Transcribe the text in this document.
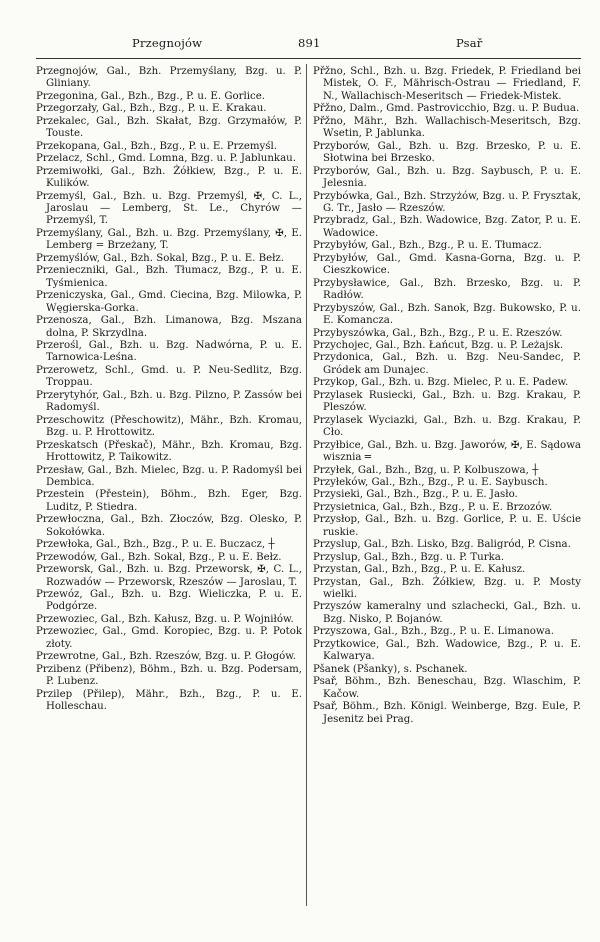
Przegnojów	891	Psař

Przegnojów, Gal., Bzh. Przemyślany, Bzg. u. P. Gliniany.

Przegonina, Gal., Bzh., Bzg., P. u. E. Gorlice.

Przegorzały, Gal., Bzh., Bzg., P. u. E. Krakau.

Przekalec, Gal., Bzh. Skałat, Bzg. Grzymałów, P. Touste.

Przekopana, Gal., Bzh., Bzg., P. u. E. Przemyśl.

Przelacz, Schl., Gmd. Lomna, Bzg. u. P. Jablunkau.

Przemiwołki, Gal., Bzh. Żółkiew, Bzg., P. u. E. Kulików.

Przemyśl, Gal., Bzh. u. Bzg. Przemyśl, ✠, C. L., Jaroslau — Lemberg, St. Le., Chyrów — Przemyśl, T.

Przemyślany, Gal., Bzh. u. Bzg. Przemyślany, ✠, E. Lemberg = Brzeżany, T.

Przemyślów, Gal., Bzh. Sokal, Bzg., P. u. E. Bełz.

Przenieczniki, Gal., Bzh. Tłumacz, Bzg., P. u. E. Tyśmienica.

Przeniczyska, Gal., Gmd. Ciecina, Bzg. Milowka, P. Węgierska-Gorka.

Przenosza, Gal., Bzh. Limanowa, Bzg. Mszana dolna, P. Skrzydlna.

Przerośl, Gal., Bzh. u. Bzg. Nadwórna, P. u. E. Tarnowica-Leśna.

Przerowetz, Schl., Gmd. u. P. Neu-Sedlitz, Bzg. Troppau.

Przerytyhór, Gal., Bzh. u. Bzg. Pilzno, P. Zassów bei Radomyśl.

Przeschowitz (Přeschowitz), Mähr., Bzh. Kromau, Bzg. u. P. Hrottowitz.

Przeskatsch (Přeskač), Mähr., Bzh. Kromau, Bzg. Hrottowitz, P. Taikowitz.

Przesław, Gal., Bzh. Mielec, Bzg. u. P. Radomyśl bei Dembica.

Przestein (Přestein), Böhm., Bzh. Eger, Bzg. Luditz, P. Stiedra.

Przewłoczna, Gal., Bzh. Złoczów, Bzg. Olesko, P. Sokołówka.

Przewłoka, Gal., Bzh., Bzg., P. u. E. Buczacz, ┼

Przewodów, Gal., Bzh. Sokal, Bzg., P. u. E. Bełz.

Przeworsk, Gal., Bzh. u. Bzg. Przeworsk, ✠, C. L., Rozwadów — Przeworsk, Rzeszów — Jaroslau, T.

Przewóz, Gal., Bzh. u. Bzg. Wieliczka, P. u. E. Podgórze.

Przewoziec, Gal., Bzh. Kałusz, Bzg. u. P. Wojniłów.

Przewoziec, Gal., Gmd. Koropiec, Bzg. u. P. Potok złoty.

Przewrotne, Gal., Bzh. Rzeszów, Bzg. u. P. Głogów.

Przibenz (Přibenz), Böhm., Bzh. u. Bzg. Podersam, P. Lubenz.

Przilep (Přilep), Mähr., Bzh., Bzg., P. u. E. Holleschau.

Přžno, Schl., Bzh. u. Bzg. Friedek, P. Friedland bei Mistek, O. F., Mährisch-Ostrau — Friedland, F. N., Wallachisch-Meseritsch — Friedek-Mistek.

Přžno, Dalm., Gmd. Pastrovicchio, Bzg. u. P. Budua.

Přžno, Mähr., Bzh. Wallachisch-Meseritsch, Bzg. Wsetin, P. Jablunka.

Przyborów, Gal., Bzh. u. Bzg. Brzesko, P. u. E. Słotwina bei Brzesko.

Przyborów, Gal., Bzh. u. Bzg. Saybusch, P. u. E. Jelesnia.

Przybówka, Gal., Bzh. Strzyżów, Bzg. u. P. Frysztak, G. Tr., Jasło — Rzeszów.

Przybradz, Gal., Bzh. Wadowice, Bzg. Zator, P. u. E. Wadowice.

Przybyłów, Gal., Bzh., Bzg., P. u. E. Tłumacz.

Przybyłów, Gal., Gmd. Kasna-Gorna, Bzg. u. P. Cieszkowice.

Przybysławice, Gal., Bzh. Brzesko, Bzg. u. P. Radłów.

Przybyszów, Gal., Bzh. Sanok, Bzg. Bukowsko, P. u. E. Komancza.

Przybyszówka, Gal., Bzh., Bzg., P. u. E. Rzeszów.

Przychojec, Gal., Bzh. Łańcut, Bzg. u. P. Leżajsk.

Przydonica, Gal., Bzh. u. Bzg. Neu-Sandec, P. Gródek am Dunajec.

Przykop, Gal., Bzh. u. Bzg. Mielec, P. u. E. Padew.

Przylasek Rusiecki, Gal., Bzh. u. Bzg. Krakau, P. Pleszów.

Przylasek Wyciazki, Gal., Bzh. u. Bzg. Krakau, P. Cło.

Przyłbice, Gal., Bzh. u. Bzg. Jaworów, ✠, E. Sądowa wisznia ═

Przyłek, Gal., Bzh., Bzg, u. P. Kolbuszowa, ┼

Przyłeków, Gal., Bzh., Bzg., P. u. E. Saybusch.

Przysieki, Gal., Bzh., Bzg., P. u. E. Jasło.

Przysietnica, Gal., Bzh., Bzg., P. u. E. Brzozów.

Przysłop, Gal., Bzh. u. Bzg. Gorlice, P. u. E. Uście ruskie.

Przyslup, Gal., Bzh. Lisko, Bzg. Baligród, P. Cisna.

Przyslup, Gal., Bzh., Bzg. u. P. Turka.

Przystan, Gal., Bzh., Bzg., P. u. E. Kałusz.

Przystan, Gal., Bzh. Żółkiew, Bzg. u. P. Mosty wielki.

Przyszów kameralny und szlachecki, Gal., Bzh. u. Bzg. Nisko, P. Bojanów.

Przyszowa, Gal., Bzh., Bzg., P. u. E. Limanowa.

Przytkowice, Gal., Bzh. Wadowice, Bzg., P. u. E. Kalwarya.

Pšanek (Pšanky), s. Pschanek.

Psař, Böhm., Bzh. Beneschau, Bzg. Wlaschim, P. Kačow.

Psař, Böhm., Bzh. Königl. Weinberge, Bzg. Eule, P. Jesenitz bei Prag.
